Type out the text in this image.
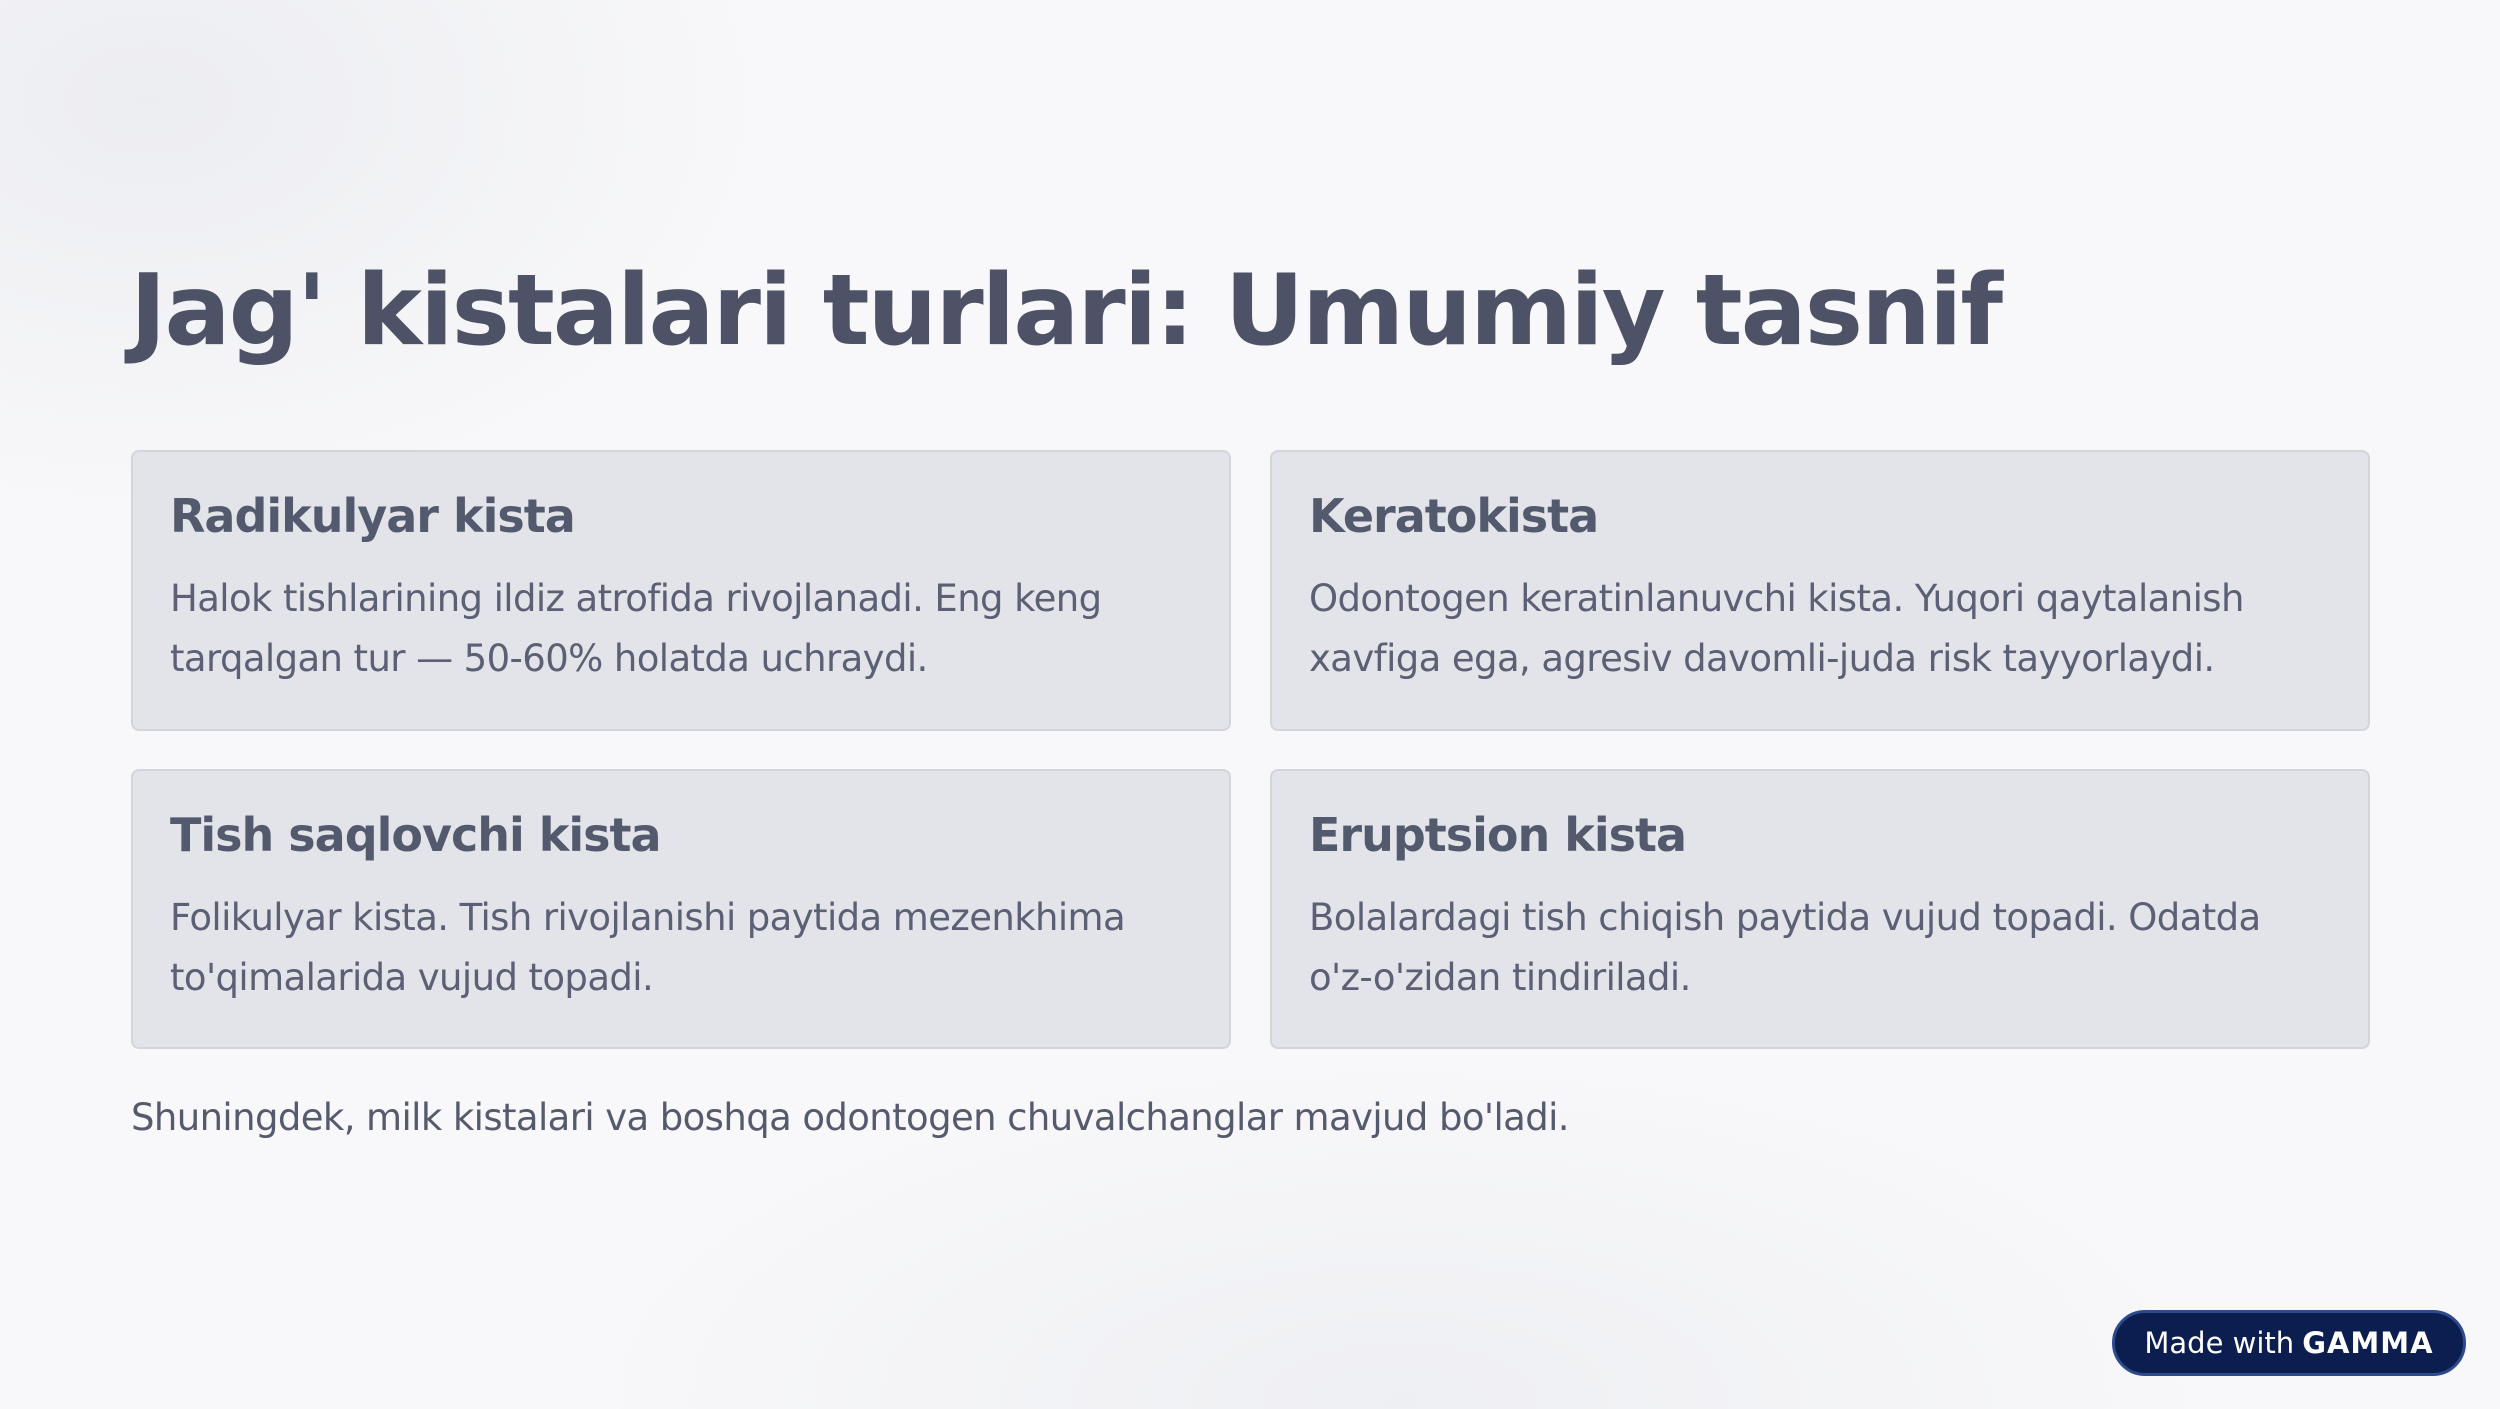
Jag' kistalari turlari: Umumiy tasnif
Radikulyar kista

Halok tishlarining ildiz atrofida rivojlanadi. Eng keng tarqalgan tur — 50-60% holatda uchraydi.

Keratokista

Odontogen keratinlanuvchi kista. Yuqori qaytalanish xavfiga ega, agresiv davomli-juda risk tayyorlaydi.

Tish saqlovchi kista

Folikulyar kista. Tish rivojlanishi paytida mezenkhima to'qimalarida vujud topadi.

Eruptsion kista

Bolalardagi tish chiqish paytida vujud topadi. Odatda o'z-o'zidan tindiriladi.

Shuningdek, milk kistalari va boshqa odontogen chuvalchanglar mavjud bo'ladi.

Made with GAMMA
